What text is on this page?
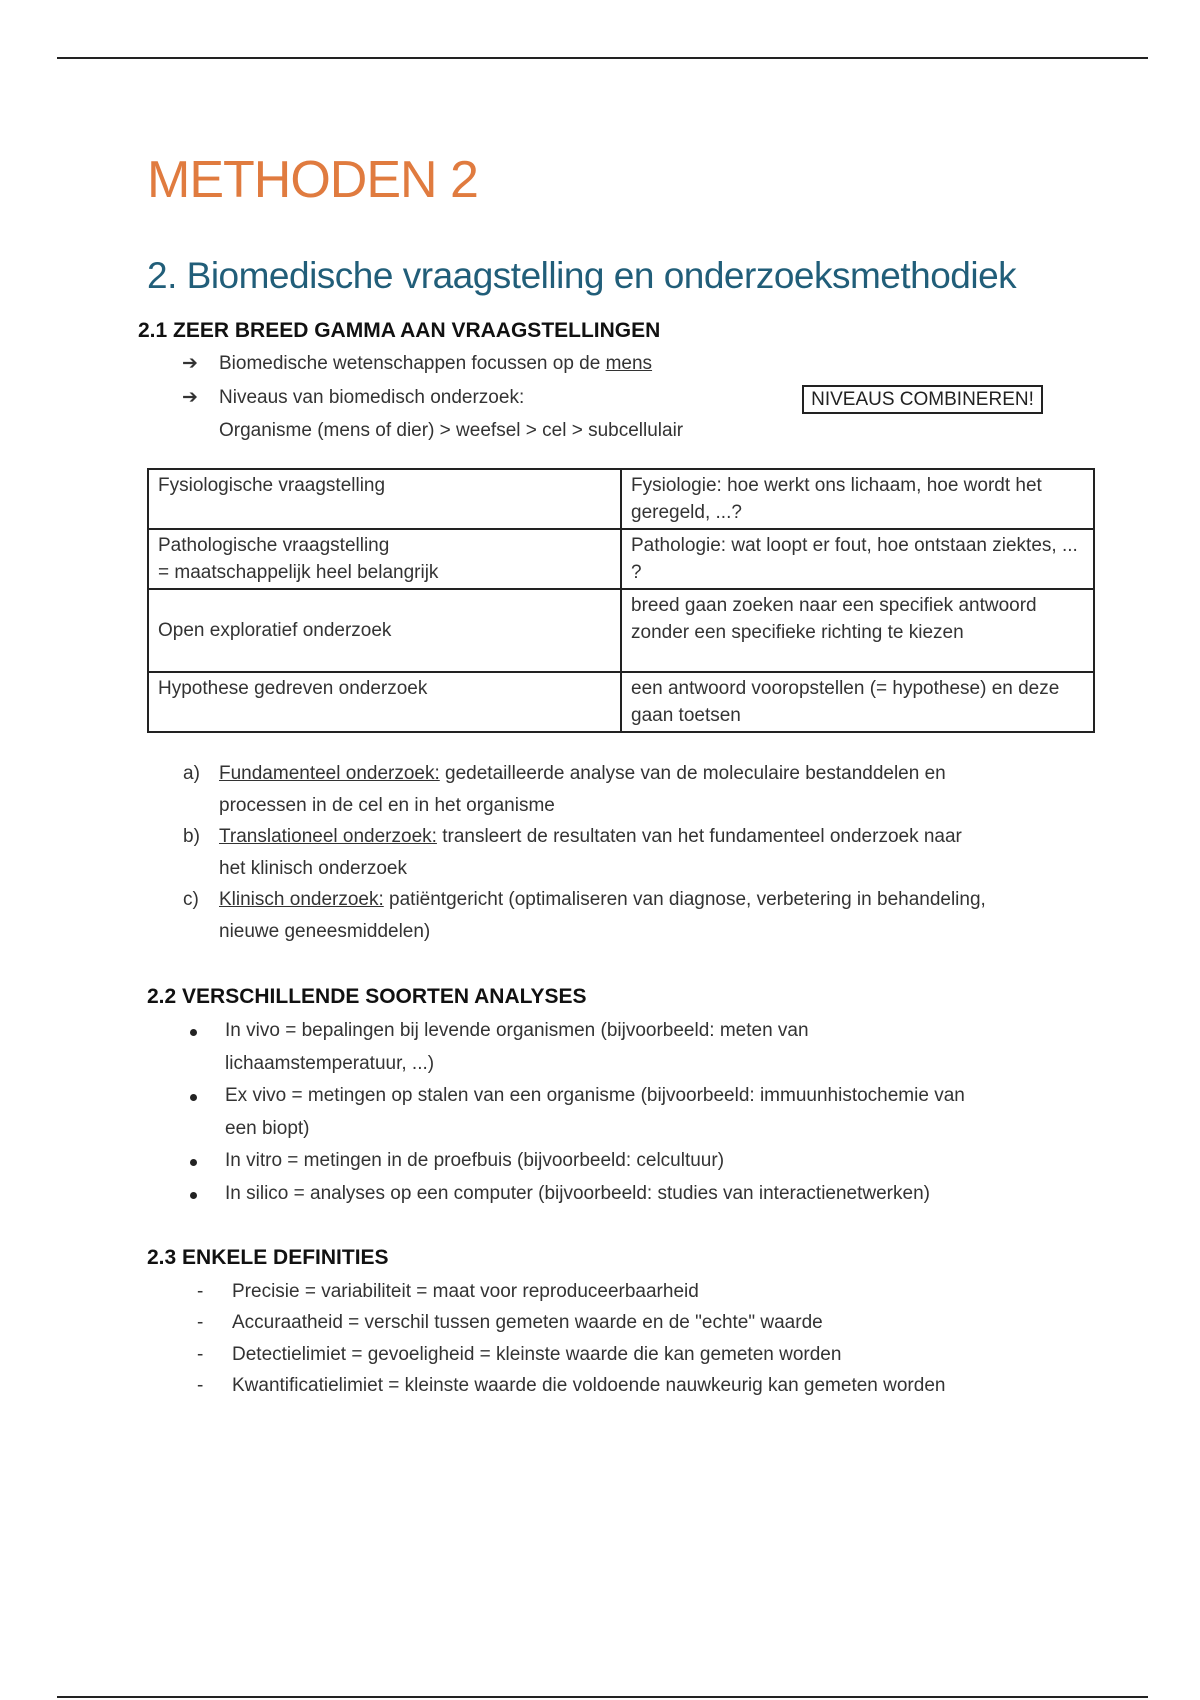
METHODEN 2
2. Biomedische vraagstelling en onderzoeksmethodiek
2.1 ZEER BREED GAMMA AAN VRAAGSTELLINGEN
➔ Biomedische wetenschappen focussen op de mens
➔ Niveaus van biomedisch onderzoek:
Organisme (mens of dier) > weefsel > cel > subcellulair
NIVEAUS COMBINEREN!
Fysiologische vraagstelling	Fysiologie: hoe werkt ons lichaam, hoe wordt het geregeld, ...?
Pathologische vraagstelling
= maatschappelijk heel belangrijk	Pathologie: wat loopt er fout, hoe ontstaan ziektes, ... ?
Open exploratief onderzoek	breed gaan zoeken naar een specifiek antwoord zonder een specifieke richting te kiezen
Hypothese gedreven onderzoek	een antwoord vooropstellen (= hypothese) en deze gaan toetsen
a) Fundamenteel onderzoek: gedetailleerde analyse van de moleculaire bestanddelen en
processen in de cel en in het organisme
b) Translationeel onderzoek: transleert de resultaten van het fundamenteel onderzoek naar
het klinisch onderzoek
c) Klinisch onderzoek: patiëntgericht (optimaliseren van diagnose, verbetering in behandeling,
nieuwe geneesmiddelen)
2.2 VERSCHILLENDE SOORTEN ANALYSES
In vivo = bepalingen bij levende organismen (bijvoorbeeld: meten van
lichaamstemperatuur, ...)
Ex vivo = metingen op stalen van een organisme (bijvoorbeeld: immuunhistochemie van
een biopt)
In vitro = metingen in de proefbuis (bijvoorbeeld: celcultuur)
In silico = analyses op een computer (bijvoorbeeld: studies van interactienetwerken)
2.3 ENKELE DEFINITIES
- Precisie = variabiliteit = maat voor reproduceerbaarheid
- Accuraatheid = verschil tussen gemeten waarde en de "echte" waarde
- Detectielimiet = gevoeligheid = kleinste waarde die kan gemeten worden
- Kwantificatielimiet = kleinste waarde die voldoende nauwkeurig kan gemeten worden
